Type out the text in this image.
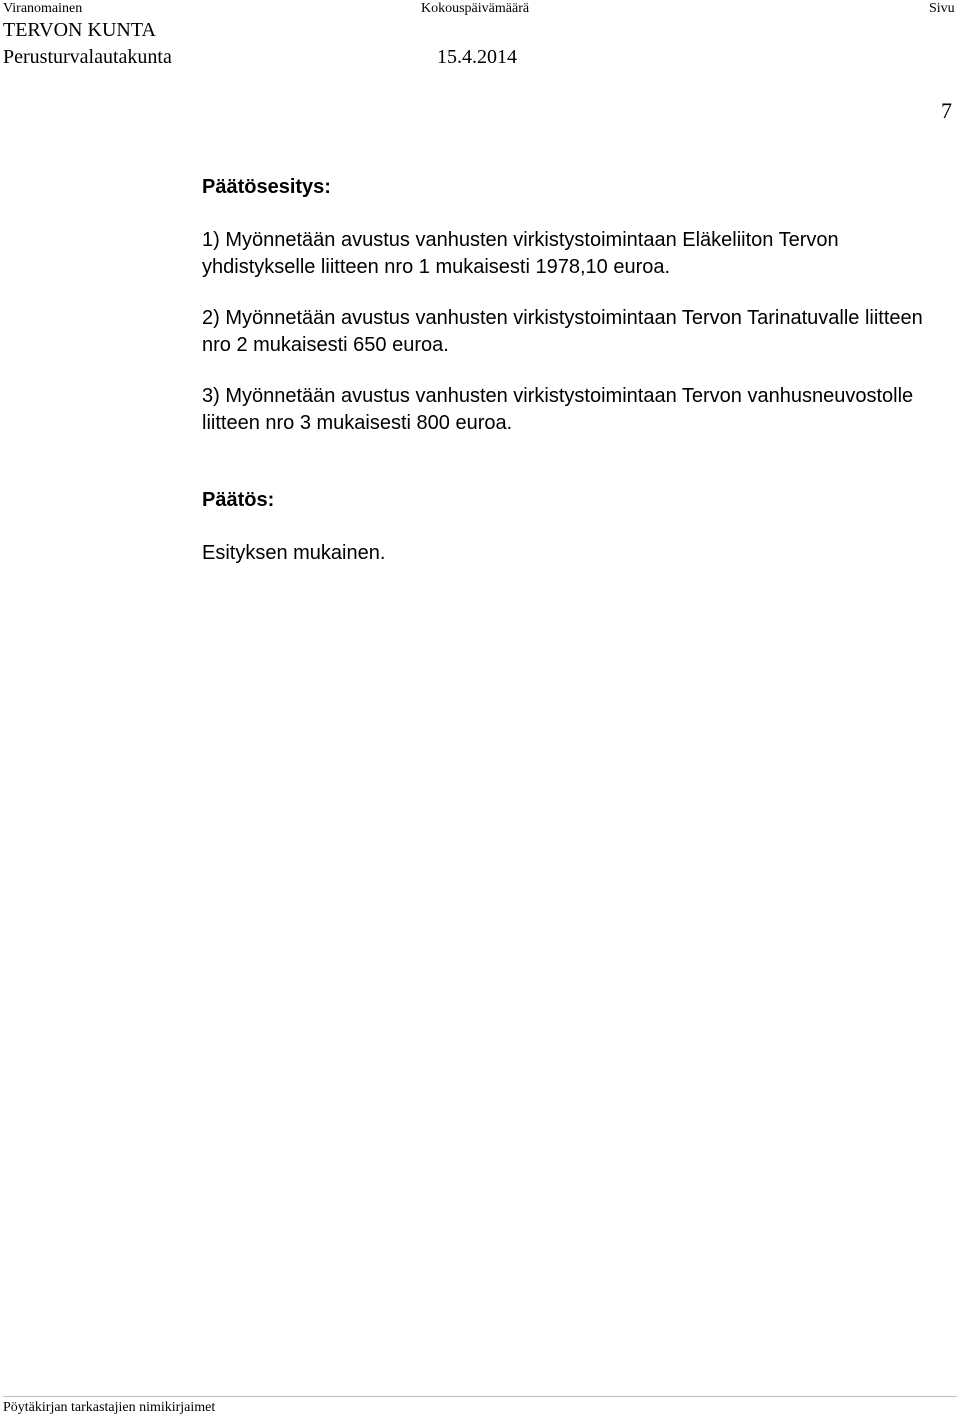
Viranomainen	Kokouspäivämäärä	Sivu
TERVON KUNTA
Perusturvalautakunta	15.4.2014
7

Päätösesitys:

1) Myönnetään avustus vanhusten virkistystoimintaan Eläkeliiton Tervon yhdistykselle liitteen nro 1 mukaisesti 1978,10 euroa.

2) Myönnetään avustus vanhusten virkistystoimintaan Tervon Tarinatuvalle liitteen nro 2 mukaisesti 650 euroa.

3) Myönnetään avustus vanhusten virkistystoimintaan Tervon vanhusneuvostolle liitteen nro 3 mukaisesti 800 euroa.

Päätös:

Esityksen mukainen.

Pöytäkirjan tarkastajien nimikirjaimet
